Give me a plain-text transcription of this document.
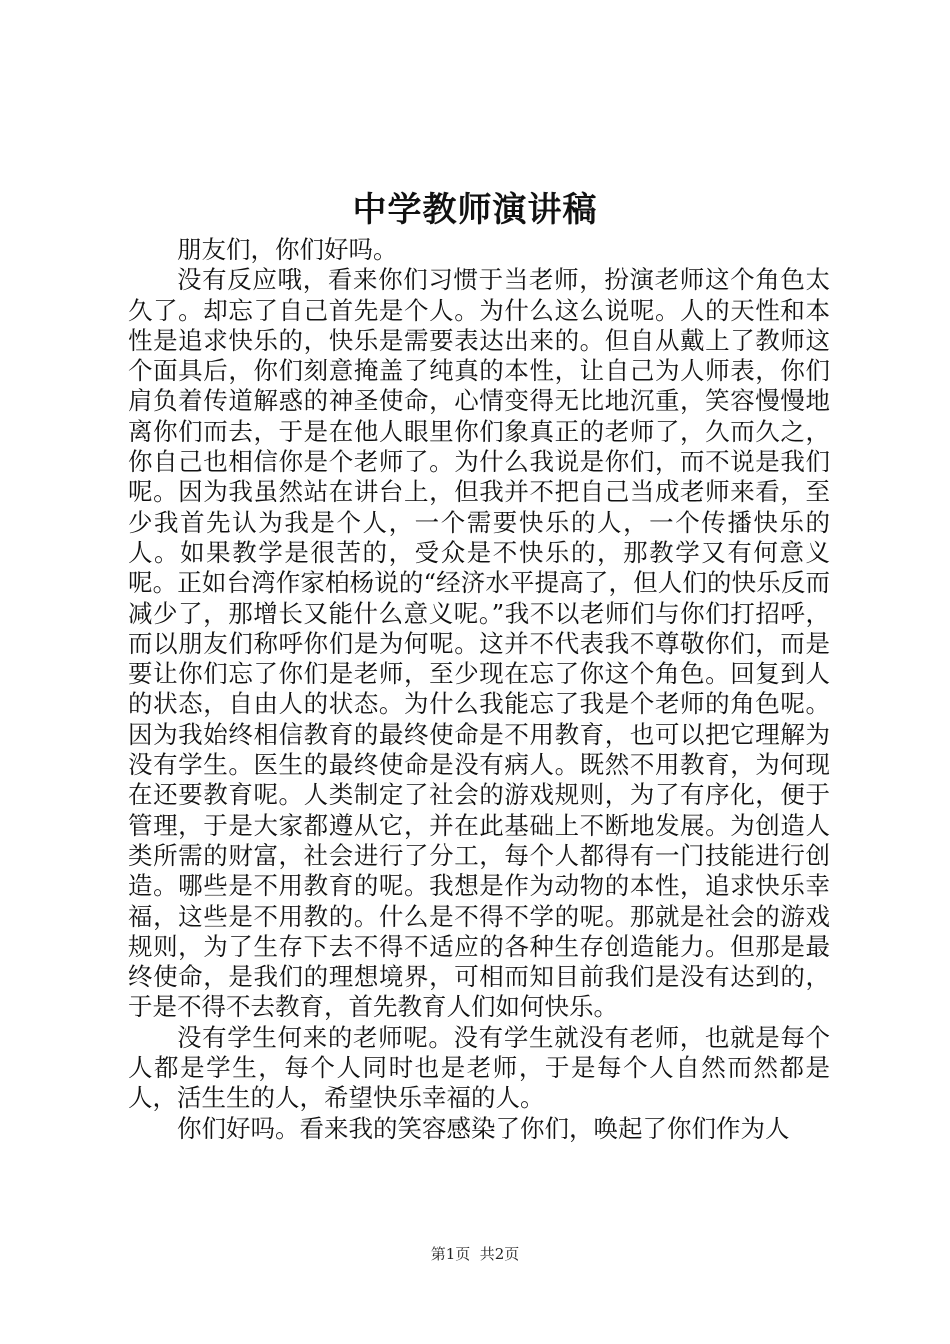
中学教师演讲稿

朋友们，你们好吗。

没有反应哦，看来你们习惯于当老师，扮演老师这个角色太久了。却忘了自己首先是个人。为什么这么说呢。人的天性和本性是追求快乐的，快乐是需要表达出来的。但自从戴上了教师这个面具后，你们刻意掩盖了纯真的本性，让自己为人师表，你们肩负着传道解惑的神圣使命，心情变得无比地沉重，笑容慢慢地离你们而去，于是在他人眼里你们象真正的老师了，久而久之，你自己也相信你是个老师了。为什么我说是你们，而不说是我们呢。因为我虽然站在讲台上，但我并不把自己当成老师来看，至少我首先认为我是个人，一个需要快乐的人，一个传播快乐的人。如果教学是很苦的，受众是不快乐的，那教学又有何意义呢。正如台湾作家柏杨说的“经济水平提高了，但人们的快乐反而减少了，那增长又能什么意义呢。”我不以老师们与你们打招呼，而以朋友们称呼你们是为何呢。这并不代表我不尊敬你们，而是要让你们忘了你们是老师，至少现在忘了你这个角色。回复到人的状态，自由人的状态。为什么我能忘了我是个老师的角色呢。因为我始终相信教育的最终使命是不用教育，也可以把它理解为没有学生。医生的最终使命是没有病人。既然不用教育，为何现在还要教育呢。人类制定了社会的游戏规则，为了有序化，便于管理，于是大家都遵从它，并在此基础上不断地发展。为创造人类所需的财富，社会进行了分工，每个人都得有一门技能进行创造。哪些是不用教育的呢。我想是作为动物的本性，追求快乐幸福，这些是不用教的。什么是不得不学的呢。那就是社会的游戏规则，为了生存下去不得不适应的各种生存创造能力。但那是最终使命，是我们的理想境界，可相而知目前我们是没有达到的，于是不得不去教育，首先教育人们如何快乐。

没有学生何来的老师呢。没有学生就没有老师，也就是每个人都是学生，每个人同时也是老师，于是每个人自然而然都是人，活生生的人，希望快乐幸福的人。

你们好吗。看来我的笑容感染了你们，唤起了你们作为人

第1页  共2页
